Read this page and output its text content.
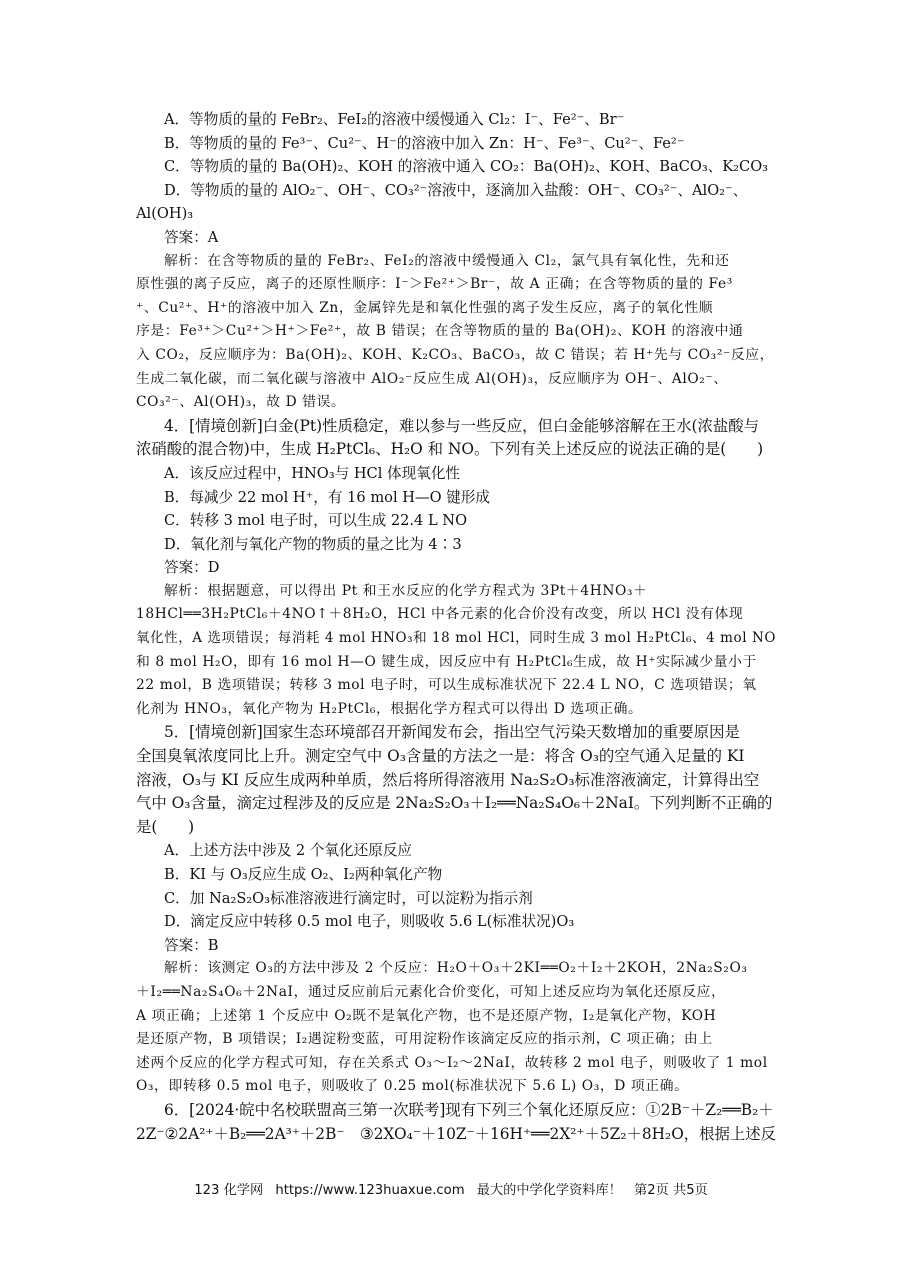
A．等物质的量的 FeBr₂、FeI₂的溶液中缓慢通入 Cl₂：I⁻、Fe²⁻、Br⁻
B．等物质的量的 Fe³⁻、Cu²⁻、H⁻的溶液中加入 Zn：H⁻、Fe³⁻、Cu²⁻、Fe²⁻
C．等物质的量的 Ba(OH)₂、KOH 的溶液中通入 CO₂：Ba(OH)₂、KOH、BaCO₃、K₂CO₃
D．等物质的量的 AlO₂⁻、OH⁻、CO₃²⁻溶液中，逐滴加入盐酸：OH⁻、CO₃²⁻、AlO₂⁻、
Al(OH)₃
答案：A
解析：在含等物质的量的 FeBr₂、FeI₂的溶液中缓慢通入 Cl₂，氯气具有氧化性，先和还
原性强的离子反应，离子的还原性顺序：I⁻＞Fe²⁺＞Br⁻，故 A 正确；在含等物质的量的 Fe³
⁺、Cu²⁺、H⁺的溶液中加入 Zn，金属锌先是和氧化性强的离子发生反应，离子的氧化性顺
序是：Fe³⁺＞Cu²⁺＞H⁺＞Fe²⁺，故 B 错误；在含等物质的量的 Ba(OH)₂、KOH 的溶液中通
入 CO₂，反应顺序为：Ba(OH)₂、KOH、K₂CO₃、BaCO₃，故 C 错误；若 H⁺先与 CO₃²⁻反应，
生成二氧化碳，而二氧化碳与溶液中 AlO₂⁻反应生成 Al(OH)₃，反应顺序为 OH⁻、AlO₂⁻、
CO₃²⁻、Al(OH)₃，故 D 错误。
4．[情境创新]白金(Pt)性质稳定，难以参与一些反应，但白金能够溶解在王水(浓盐酸与
浓硝酸的混合物)中，生成 H₂PtCl₆、H₂O 和 NO。下列有关上述反应的说法正确的是(　　)
A．该反应过程中，HNO₃与 HCl 体现氧化性
B．每减少 22 mol H⁺，有 16 mol H—O 键形成
C．转移 3 mol 电子时，可以生成 22.4 L NO
D．氧化剂与氧化产物的物质的量之比为 4∶3
答案：D
解析：根据题意，可以得出 Pt 和王水反应的化学方程式为 3Pt＋4HNO₃＋
18HCl══3H₂PtCl₆＋4NO↑＋8H₂O，HCl 中各元素的化合价没有改变，所以 HCl 没有体现
氧化性，A 选项错误；每消耗 4 mol HNO₃和 18 mol HCl，同时生成 3 mol H₂PtCl₆、4 mol NO
和 8 mol H₂O，即有 16 mol H—O 键生成，因反应中有 H₂PtCl₆生成，故 H⁺实际减少量小于
22 mol，B 选项错误；转移 3 mol 电子时，可以生成标准状况下 22.4 L NO，C 选项错误；氧
化剂为 HNO₃，氧化产物为 H₂PtCl₆，根据化学方程式可以得出 D 选项正确。
5．[情境创新]国家生态环境部召开新闻发布会，指出空气污染天数增加的重要原因是
全国臭氧浓度同比上升。测定空气中 O₃含量的方法之一是：将含 O₃的空气通入足量的 KI
溶液，O₃与 KI 反应生成两种单质，然后将所得溶液用 Na₂S₂O₃标准溶液滴定，计算得出空
气中 O₃含量，滴定过程涉及的反应是 2Na₂S₂O₃＋I₂══Na₂S₄O₆＋2NaI。下列判断不正确的
是(　　)
A．上述方法中涉及 2 个氧化还原反应
B．KI 与 O₃反应生成 O₂、I₂两种氧化产物
C．加 Na₂S₂O₃标准溶液进行滴定时，可以淀粉为指示剂
D．滴定反应中转移 0.5 mol 电子，则吸收 5.6 L(标准状况)O₃
答案：B
解析：该测定 O₃的方法中涉及 2 个反应：H₂O＋O₃＋2KI══O₂＋I₂＋2KOH，2Na₂S₂O₃
＋I₂══Na₂S₄O₆＋2NaI，通过反应前后元素化合价变化，可知上述反应均为氧化还原反应，
A 项正确；上述第 1 个反应中 O₂既不是氧化产物，也不是还原产物，I₂是氧化产物，KOH
是还原产物，B 项错误；I₂遇淀粉变蓝，可用淀粉作该滴定反应的指示剂，C 项正确；由上
述两个反应的化学方程式可知，存在关系式 O₃～I₂～2NaI，故转移 2 mol 电子，则吸收了 1 mol
O₃，即转移 0.5 mol 电子，则吸收了 0.25 mol(标准状况下 5.6 L) O₃，D 项正确。
6．[2024·皖中名校联盟高三第一次联考]现有下列三个氧化还原反应：①2B⁻＋Z₂══B₂＋
2Z⁻②2A²⁺＋B₂══2A³⁺＋2B⁻　③2XO₄⁻＋10Z⁻＋16H⁺══2X²⁺＋5Z₂＋8H₂O，根据上述反
123 化学网 https://www.123huaxue.com 最大的中学化学资料库！ 第2页 共5页
